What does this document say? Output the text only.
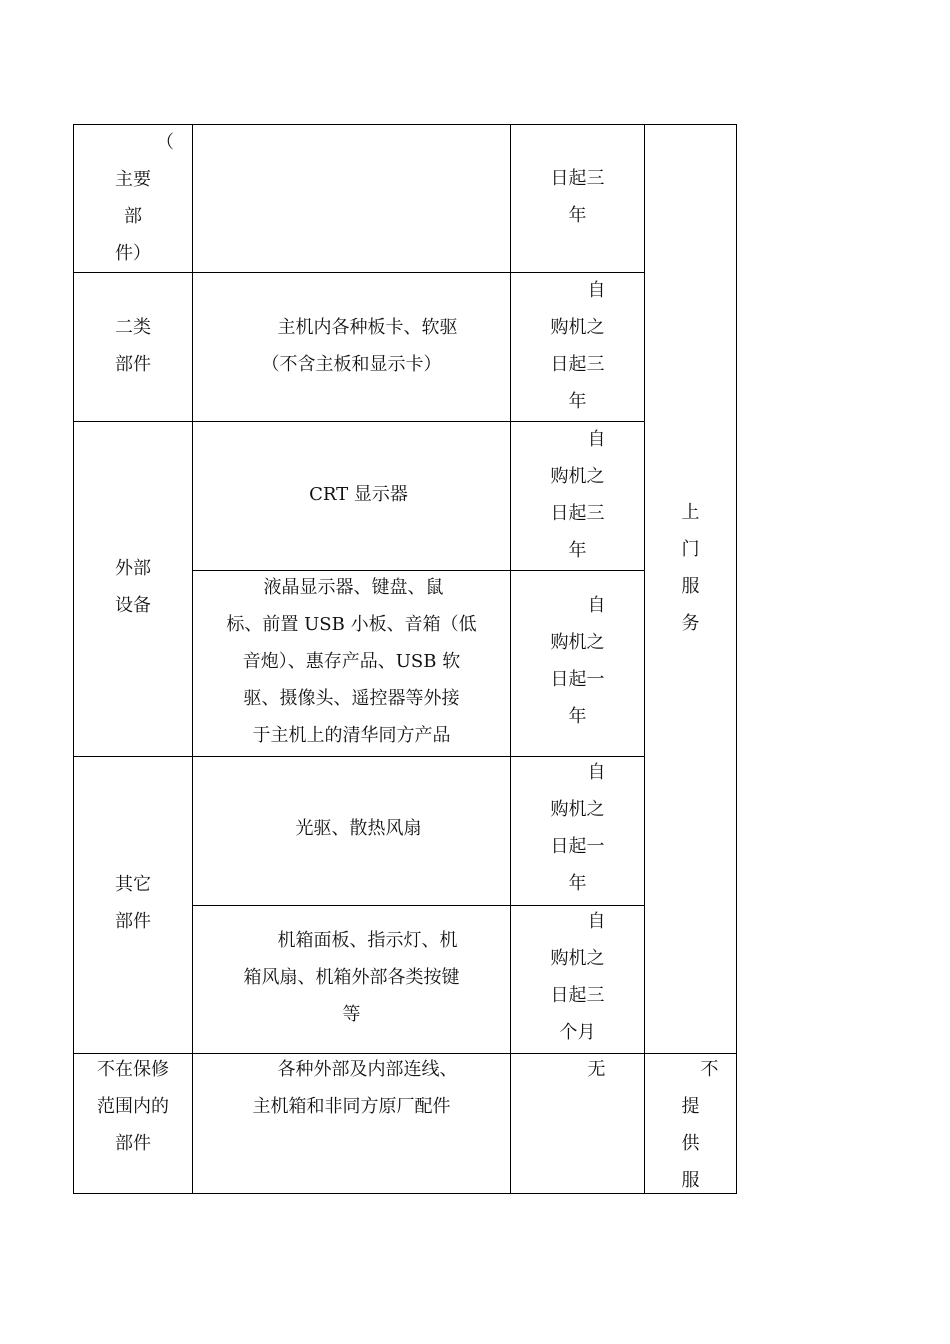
（
主要
部
件）
日起三
年
二类
部件
主机内各种板卡、软驱
（不含主板和显示卡）
自
购机之
日起三
年
外部
设备
CRT 显示器
自
购机之
日起三
年
液晶显示器、键盘、鼠
标、前置 USB 小板、音箱（低
音炮）、惠存产品、USB 软
驱、摄像头、遥控器等外接
于主机上的清华同方产品
自
购机之
日起一
年
上
门
服
务
其它
部件
光驱、散热风扇
自
购机之
日起一
年
机箱面板、指示灯、机
箱风扇、机箱外部各类按键
等
自
购机之
日起三
个月
不在保修
范围内的
部件
各种外部及内部连线、
主机箱和非同方原厂配件
无	不
提
供
服
